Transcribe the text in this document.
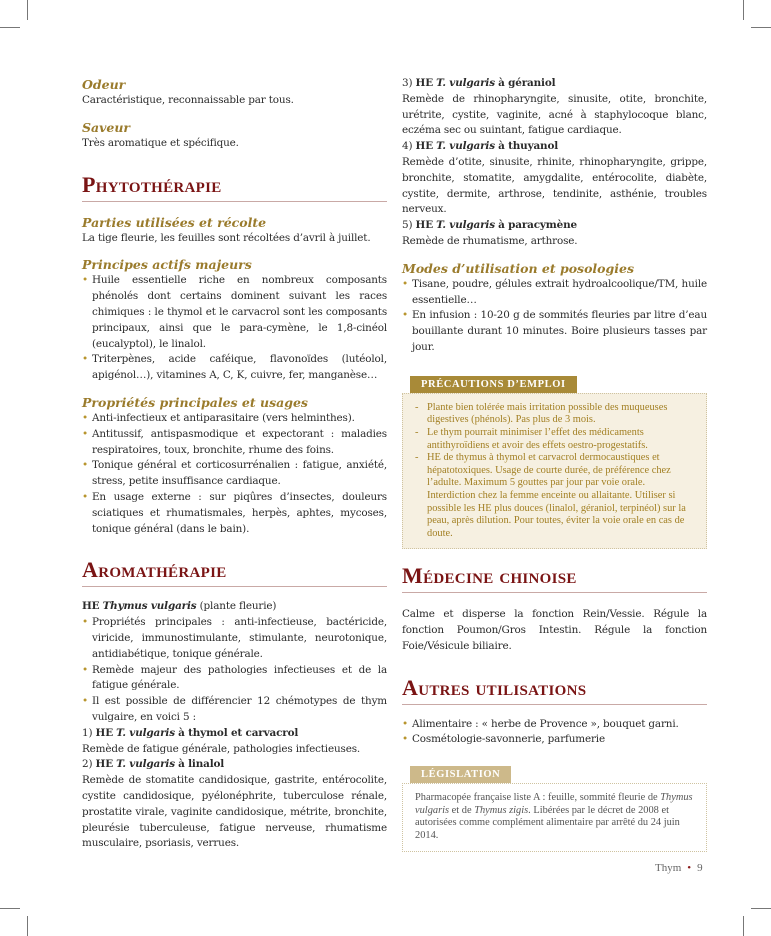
Odeur

Caractéristique, reconnaissable par tous.

Saveur

Très aromatique et spécifique.

Phytothérapie
Parties utilisées et récolte

La tige fleurie, les feuilles sont récoltées d’avril à juillet.

Principes actifs majeurs
• Huile essentielle riche en nombreux composants phénolés dont certains dominent suivant les races chimiques : le thymol et le carvacrol sont les composants principaux, ainsi que le para-cymène, le 1,8-cinéol (eucalyptol), le linalol.
• Triterpènes, acide caféique, flavonoïdes (lutéolol, apigénol…), vitamines A, C, K, cuivre, fer, manganèse…
Propriétés principales et usages
• Anti-infectieux et antiparasitaire (vers helminthes).
• Antitussif, antispasmodique et expectorant : maladies respiratoires, toux, bronchite, rhume des foins.
• Tonique général et corticosurrénalien : fatigue, anxiété, stress, petite insuffisance cardiaque.
• En usage externe : sur piqûres d’insectes, douleurs sciatiques et rhumatismales, herpès, aphtes, mycoses, tonique général (dans le bain).
Aromathérapie

HE Thymus vulgaris (plante fleurie)

• Propriétés principales : anti-infectieuse, bactéricide, viricide, immunostimulante, stimulante, neurotonique, antidiabétique, tonique générale.
• Remède majeur des pathologies infectieuses et de la fatigue générale.
• Il est possible de différencier 12 chémotypes de thym vulgaire, en voici 5 :

1) HE T. vulgaris à thymol et carvacrol

Remède de fatigue générale, pathologies infectieuses.

2) HE T. vulgaris à linalol

Remède de stomatite candidosique, gastrite, entérocolite, cystite candidosique, pyélonéphrite, tuberculose rénale, prostatite virale, vaginite candidosique, métrite, bronchite, pleurésie tuberculeuse, fatigue nerveuse, rhumatisme musculaire, psoriasis, verrues.

3) HE T. vulgaris à géraniol

Remède de rhinopharyngite, sinusite, otite, bronchite, urétrite, cystite, vaginite, acné à staphylocoque blanc, eczéma sec ou suintant, fatigue cardiaque.

4) HE T. vulgaris à thuyanol

Remède d’otite, sinusite, rhinite, rhinopharyngite, grippe, bronchite, stomatite, amygdalite, entérocolite, diabète, cystite, dermite, arthrose, tendinite, asthénie, troubles nerveux.

5) HE T. vulgaris à paracymène

Remède de rhumatisme, arthrose.

Modes d’utilisation et posologies
• Tisane, poudre, gélules extrait hydroalcoolique/TM, huile essentielle…
• En infusion : 10-20 g de sommités fleuries par litre d’eau bouillante durant 10 minutes. Boire plusieurs tasses par jour.
PRÉCAUTIONS D’EMPLOI
- Plante bien tolérée mais irritation possible des muqueuses digestives (phénols). Pas plus de 3 mois.
- Le thym pourrait minimiser l’effet des médicaments antithyroïdiens et avoir des effets oestro-progestatifs.
- HE de thymus à thymol et carvacrol dermocaustiques et hépatotoxiques. Usage de courte durée, de préférence chez l’adulte. Maximum 5 gouttes par jour par voie orale. Interdiction chez la femme enceinte ou allaitante. Utiliser si possible les HE plus douces (linalol, géraniol, terpinéol) sur la peau, après dilution. Pour toutes, éviter la voie orale en cas de doute.
Médecine chinoise

Calme et disperse la fonction Rein/Vessie. Régule la fonction Poumon/Gros Intestin. Régule la fonction Foie/Vésicule biliaire.

Autres utilisations
• Alimentaire : « herbe de Provence », bouquet garni.
• Cosmétologie-savonnerie, parfumerie
LÉGISLATION
Pharmacopée française liste A : feuille, sommité fleurie de Thymus vulgaris et de Thymus zigis. Libérées par le décret de 2008 et autorisées comme complément alimentaire par arrêté du 24 juin 2014.
Thym • 9
